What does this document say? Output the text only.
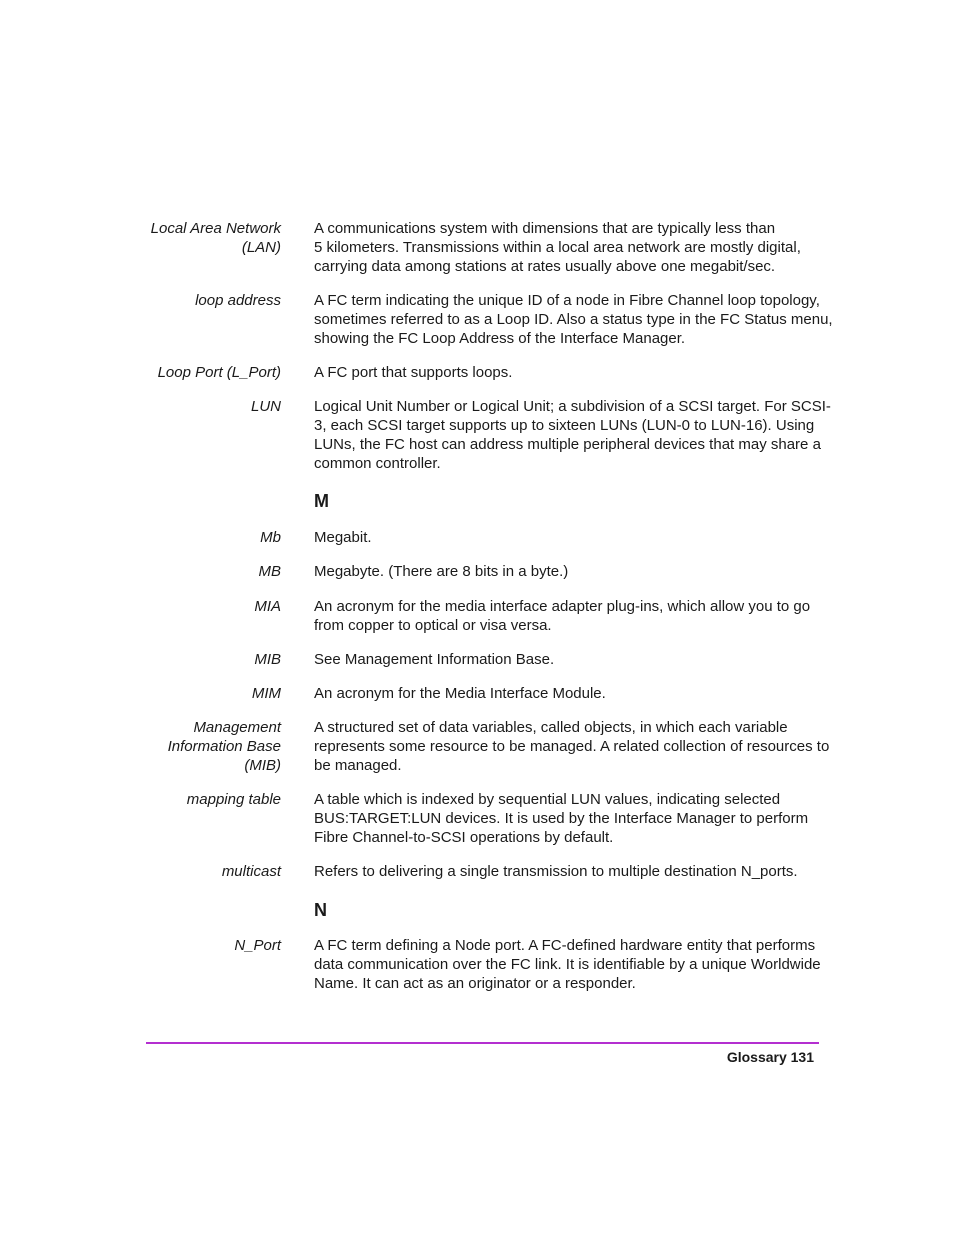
Local Area Network
(LAN)
A communications system with dimensions that are typically less than
5 kilometers. Transmissions within a local area network are mostly digital,
carrying data among stations at rates usually above one megabit/sec.
loop address A FC term indicating the unique ID of a node in Fibre Channel loop topology,
sometimes referred to as a Loop ID. Also a status type in the FC Status menu,
showing the FC Loop Address of the Interface Manager.
Loop Port (L_Port) A FC port that supports loops.
LUN Logical Unit Number or Logical Unit; a subdivision of a SCSI target. For SCSI-
3, each SCSI target supports up to sixteen LUNs (LUN-0 to LUN-16). Using
LUNs, the FC host can address multiple peripheral devices that may share a
common controller.
M
Mb Megabit.
MB Megabyte. (There are 8 bits in a byte.)
MIA An acronym for the media interface adapter plug-ins, which allow you to go
from copper to optical or visa versa.
MIB See Management Information Base.
MIM An acronym for the Media Interface Module.
Management
Information Base
(MIB)
A structured set of data variables, called objects, in which each variable
represents some resource to be managed. A related collection of resources to
be managed.
mapping table A table which is indexed by sequential LUN values, indicating selected
BUS:TARGET:LUN devices. It is used by the Interface Manager to perform
Fibre Channel-to-SCSI operations by default.
multicast Refers to delivering a single transmission to multiple destination N_ports.
N
N_Port A FC term defining a Node port. A FC-defined hardware entity that performs
data communication over the FC link. It is identifiable by a unique Worldwide
Name. It can act as an originator or a responder.
Glossary 131
